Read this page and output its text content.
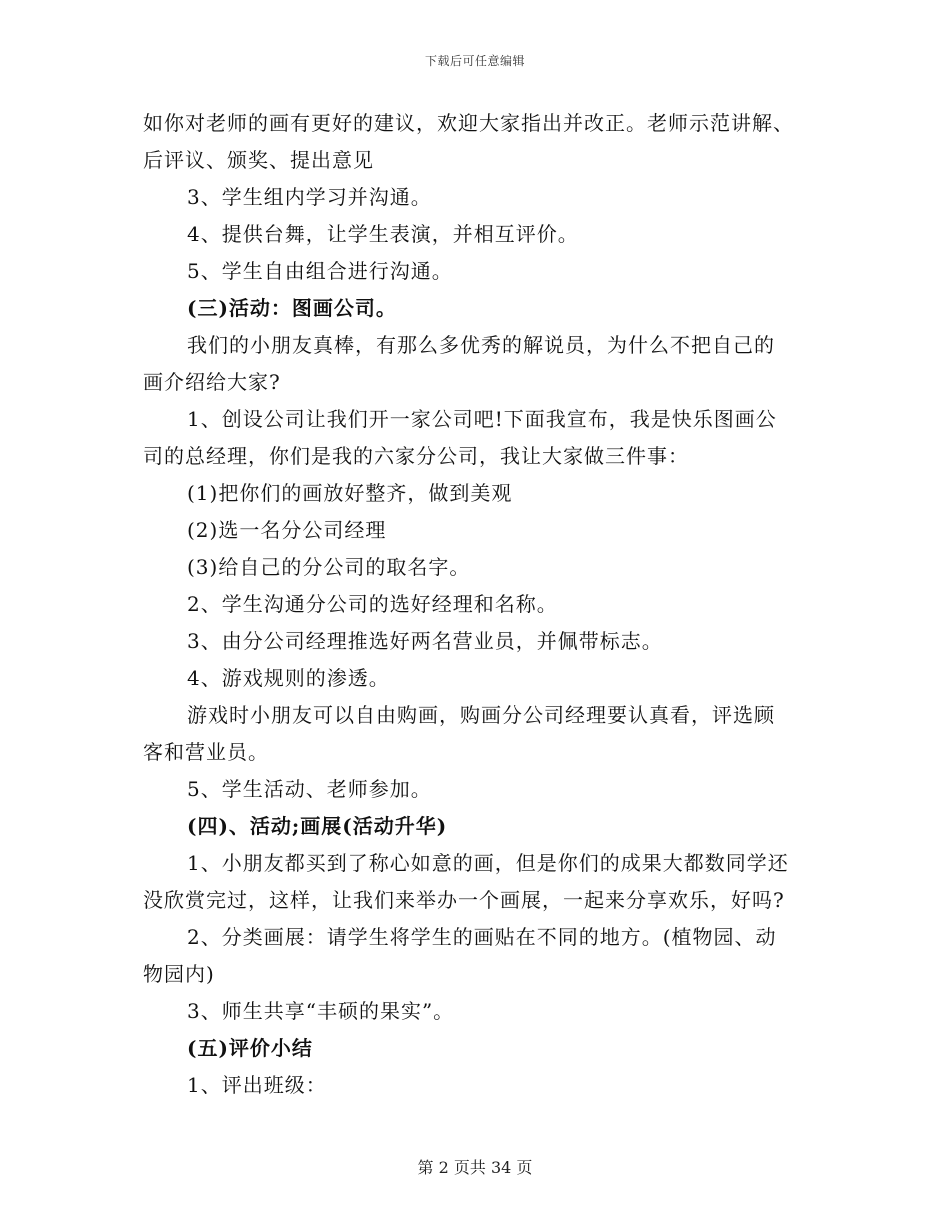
下载后可任意编辑
如你对老师的画有更好的建议，欢迎大家指出并改正。老师示范讲解、
后评议、颁奖、提出意见
3、学生组内学习并沟通。
4、提供台舞，让学生表演，并相互评价。
5、学生自由组合进行沟通。
(三)活动：图画公司。
我们的小朋友真棒，有那么多优秀的解说员，为什么不把自己的
画介绍给大家?
1、创设公司让我们开一家公司吧!下面我宣布，我是快乐图画公
司的总经理，你们是我的六家分公司，我让大家做三件事：
(1)把你们的画放好整齐，做到美观
(2)选一名分公司经理
(3)给自己的分公司的取名字。
2、学生沟通分公司的选好经理和名称。
3、由分公司经理推选好两名营业员，并佩带标志。
4、游戏规则的渗透。
游戏时小朋友可以自由购画，购画分公司经理要认真看，评选顾
客和营业员。
5、学生活动、老师参加。
(四)、活动;画展(活动升华)
1、小朋友都买到了称心如意的画，但是你们的成果大都数同学还
没欣赏完过，这样，让我们来举办一个画展，一起来分享欢乐，好吗?
2、分类画展：请学生将学生的画贴在不同的地方。(植物园、动
物园内)
3、师生共享“丰硕的果实”。
(五)评价小结
1、评出班级：
第 2 页共 34 页
